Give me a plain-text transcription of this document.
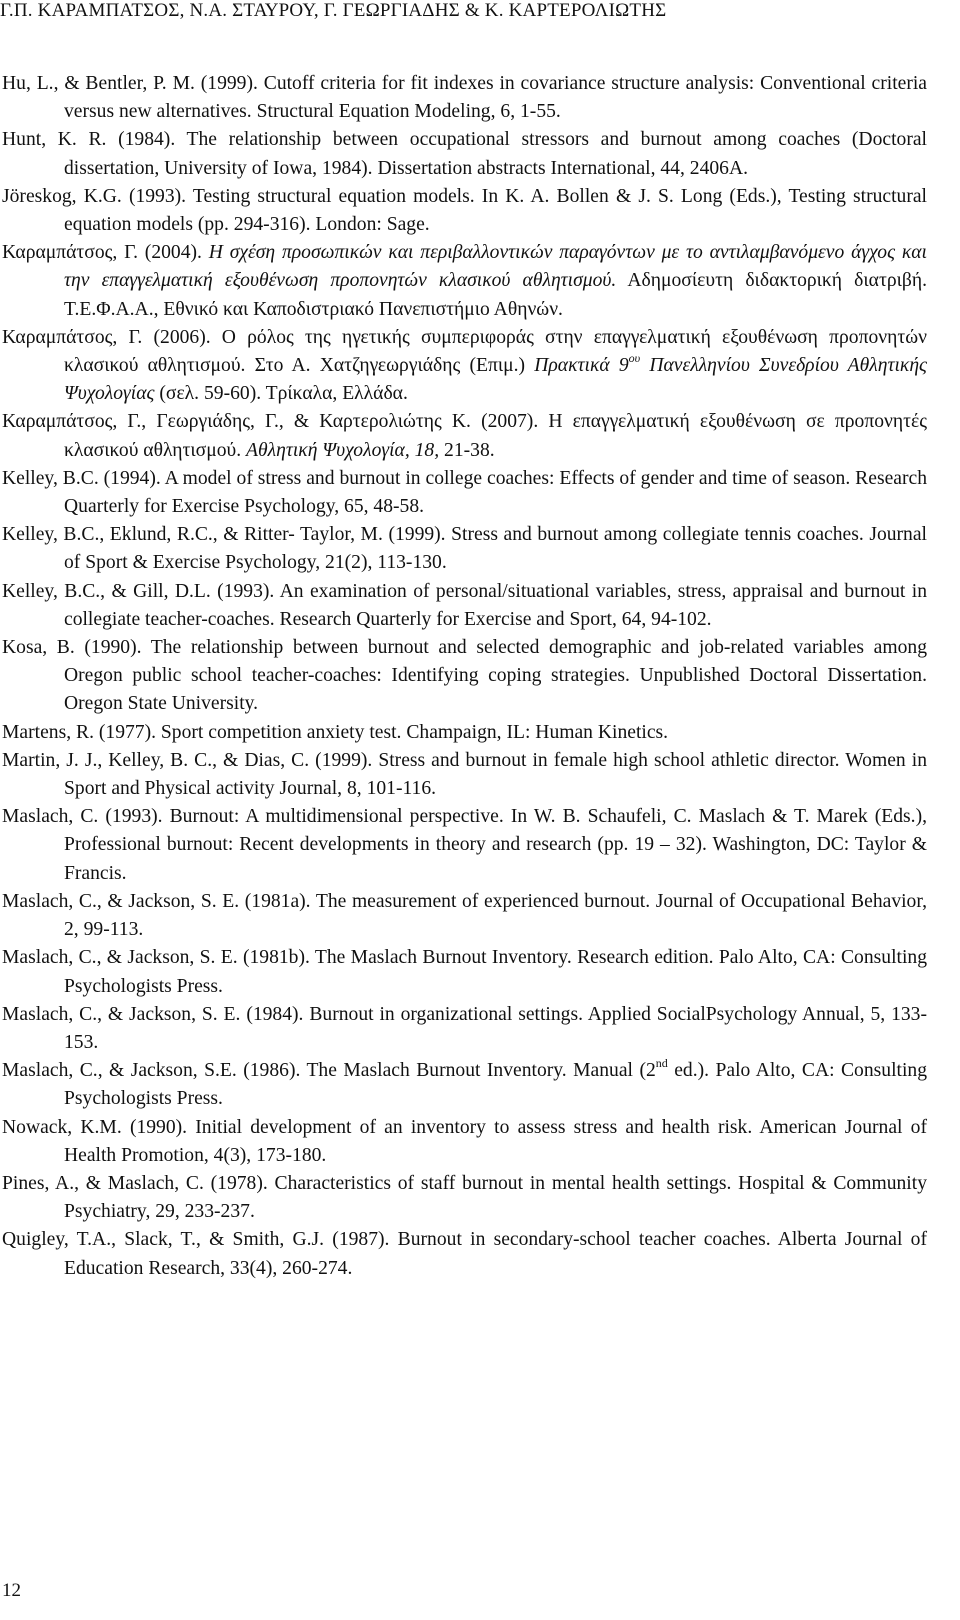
Γ.Π. ΚΑΡΑΜΠΑΤΣΟΣ, Ν.Α. ΣΤΑΥΡΟΥ, Γ. ΓΕΩΡΓΙΑΔΗΣ & Κ. ΚΑΡΤΕΡΟΛΙΩΤΗΣ
Hu, L., & Bentler, P. M. (1999). Cutoff criteria for fit indexes in covariance structure analysis: Conventional criteria versus new alternatives. Structural Equation Modeling, 6, 1-55.
Hunt, K. R. (1984). The relationship between occupational stressors and burnout among coaches (Doctoral dissertation, University of Iowa, 1984). Dissertation abstracts International, 44, 2406A.
Jöreskog, K.G. (1993). Testing structural equation models. In K. A. Bollen & J. S. Long (Eds.), Testing structural equation models (pp. 294-316). London: Sage.
Καραμπάτσος, Γ. (2004). Η σχέση προσωπικών και περιβαλλοντικών παραγόντων με το αντιλαμβανόμενο άγχος και την επαγγελματική εξουθένωση προπονητών κλασικού αθλητισμού. Αδημοσίευτη διδακτορική διατριβή. Τ.Ε.Φ.Α.Α., Εθνικό και Καποδιστριακό Πανεπιστήμιο Αθηνών.
Καραμπάτσος, Γ. (2006). Ο ρόλος της ηγετικής συμπεριφοράς στην επαγγελματική εξουθένωση προπονητών κλασικού αθλητισμού. Στο Α. Χατζηγεωργιάδης (Επιμ.) Πρακτικά $9^{o\upsilon}$ Πανελληνίου Συνεδρίου Αθλητικής Ψυχολογίας (σελ. 59-60). Τρίκαλα, Ελλάδα.
Καραμπάτσος, Γ., Γεωργιάδης, Γ., & Καρτερολιώτης Κ. (2007). Η επαγγελματική εξουθένωση σε προπονητές κλασικού αθλητισμού. Αθλητική Ψυχολογία, 18, 21-38.
Kelley, B.C. (1994). A model of stress and burnout in college coaches: Effects of gender and time of season. Research Quarterly for Exercise Psychology, 65, 48-58.
Kelley, B.C., Eklund, R.C., & Ritter- Taylor, M. (1999). Stress and burnout among collegiate tennis coaches. Journal of Sport & Exercise Psychology, 21(2), 113-130.
Kelley, B.C., & Gill, D.L. (1993). An examination of personal/situational variables, stress, appraisal and burnout in collegiate teacher-coaches. Research Quarterly for Exercise and Sport, 64, 94-102.
Kosa, B. (1990). The relationship between burnout and selected demographic and job-related variables among Oregon public school teacher-coaches: Identifying coping strategies. Unpublished Doctoral Dissertation. Oregon State University.
Martens, R. (1977). Sport competition anxiety test. Champaign, IL: Human Kinetics.
Martin, J. J., Kelley, B. C., & Dias, C. (1999). Stress and burnout in female high school athletic director. Women in Sport and Physical activity Journal, 8, 101-116.
Maslach, C. (1993). Burnout: A multidimensional perspective. In W. B. Schaufeli, C. Maslach & T. Marek (Eds.), Professional burnout: Recent developments in theory and research (pp. 19 – 32). Washington, DC: Taylor & Francis.
Maslach, C., & Jackson, S. E. (1981a). The measurement of experienced burnout. Journal of Occupational Behavior, 2, 99-113.
Maslach, C., & Jackson, S. E. (1981b). The Maslach Burnout Inventory. Research edition. Palo Alto, CA: Consulting Psychologists Press.
Maslach, C., & Jackson, S. E. (1984). Burnout in organizational settings. Applied SocialPsychology Annual, 5, 133-153.
Maslach, C., & Jackson, S.E. (1986). The Maslach Burnout Inventory. Manual (2nd ed.). Palo Alto, CA: Consulting Psychologists Press.
Nowack, K.M. (1990). Initial development of an inventory to assess stress and health risk. American Journal of Health Promotion, 4(3), 173-180.
Pines, A., & Maslach, C. (1978). Characteristics of staff burnout in mental health settings. Hospital & Community Psychiatry, 29, 233-237.
Quigley, T.A., Slack, T., & Smith, G.J. (1987). Burnout in secondary-school teacher coaches. Alberta Journal of Education Research, 33(4), 260-274.
12
